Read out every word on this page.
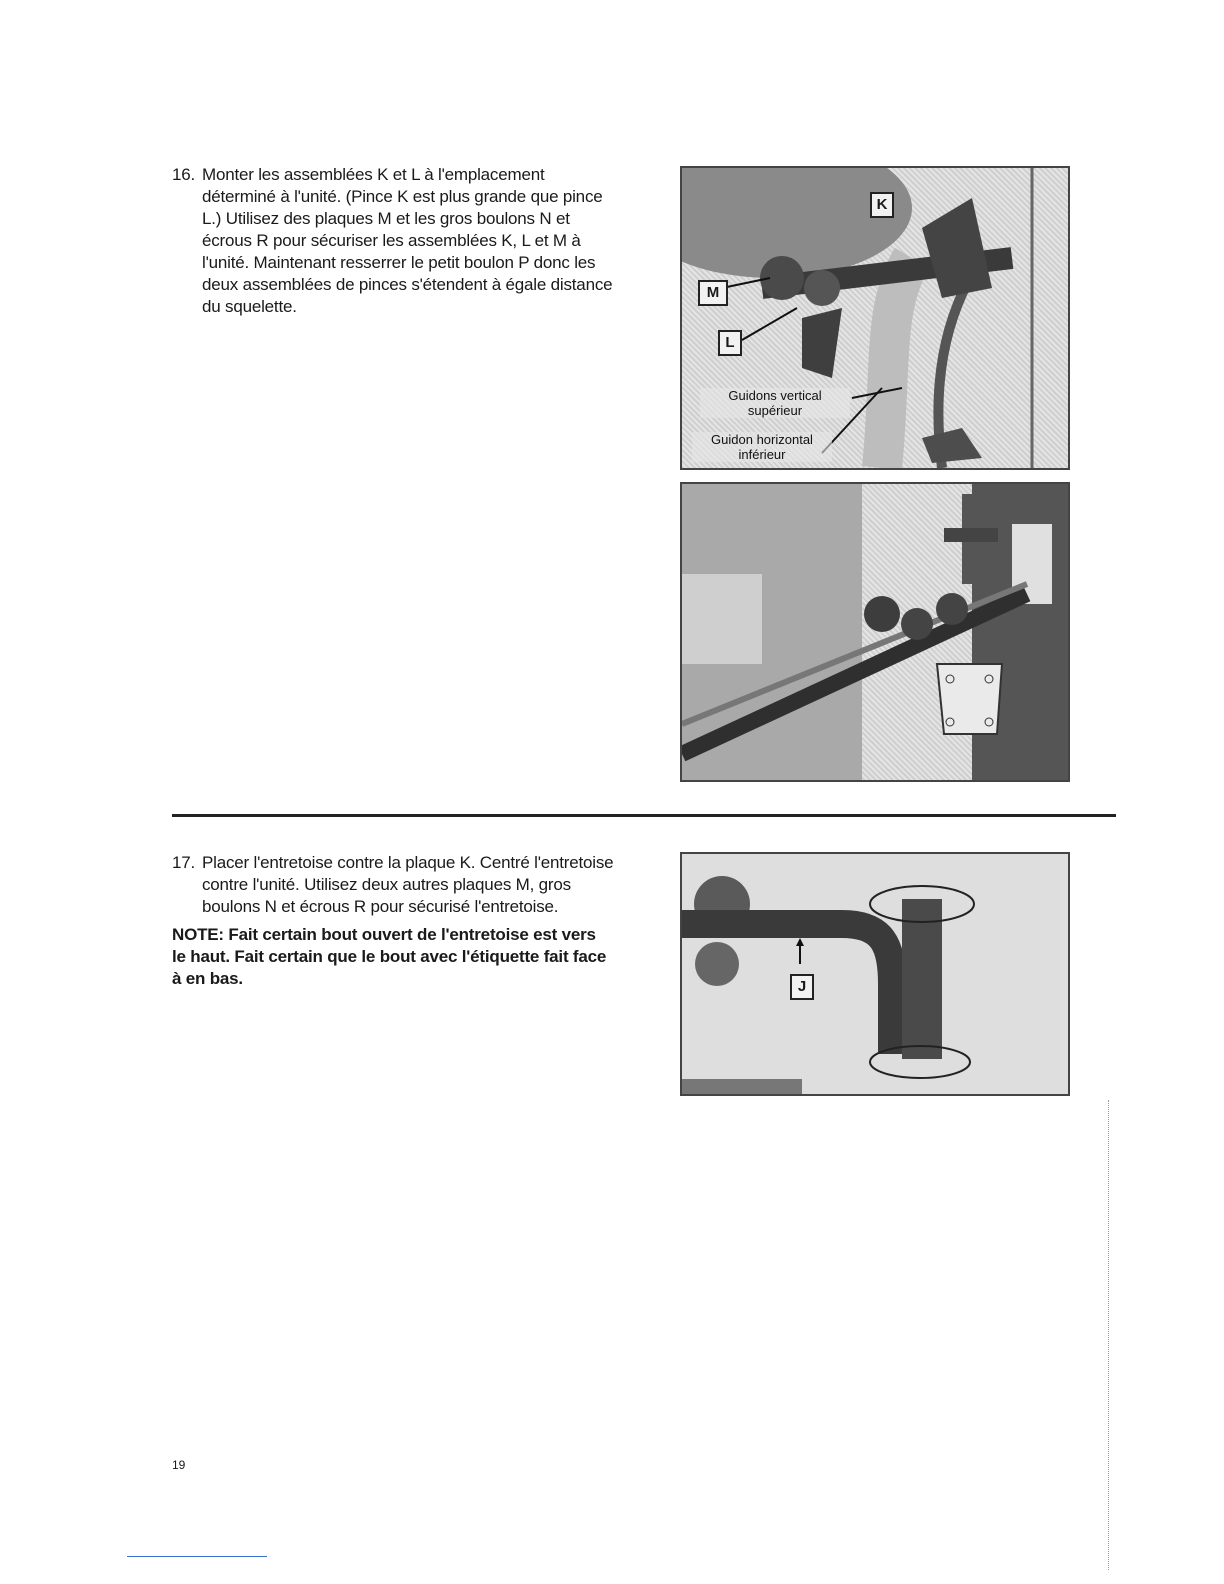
16. Monter les assemblées K et L à l'emplacement
déterminé à l'unité. (Pince K est plus grande que pince
L.) Utilisez des plaques M et les gros boulons N et
écrous R pour sécuriser les assemblées K, L et M à
l'unité. Maintenant resserrer le petit boulon P donc les
deux assemblées de pinces s'étendent à égale distance
du squelette.
K
M
L
Guidons vertical
supérieur
Guidon horizontal
inférieur
17. Placer l'entretoise contre la plaque K. Centré l'entretoise
contre l'unité. Utilisez deux autres plaques M, gros
boulons N et écrous R pour sécurisé l'entretoise.
NOTE: Fait certain bout ouvert de l'entretoise est vers
le haut. Fait certain que le bout avec l'étiquette fait face
à en bas.	J
19
